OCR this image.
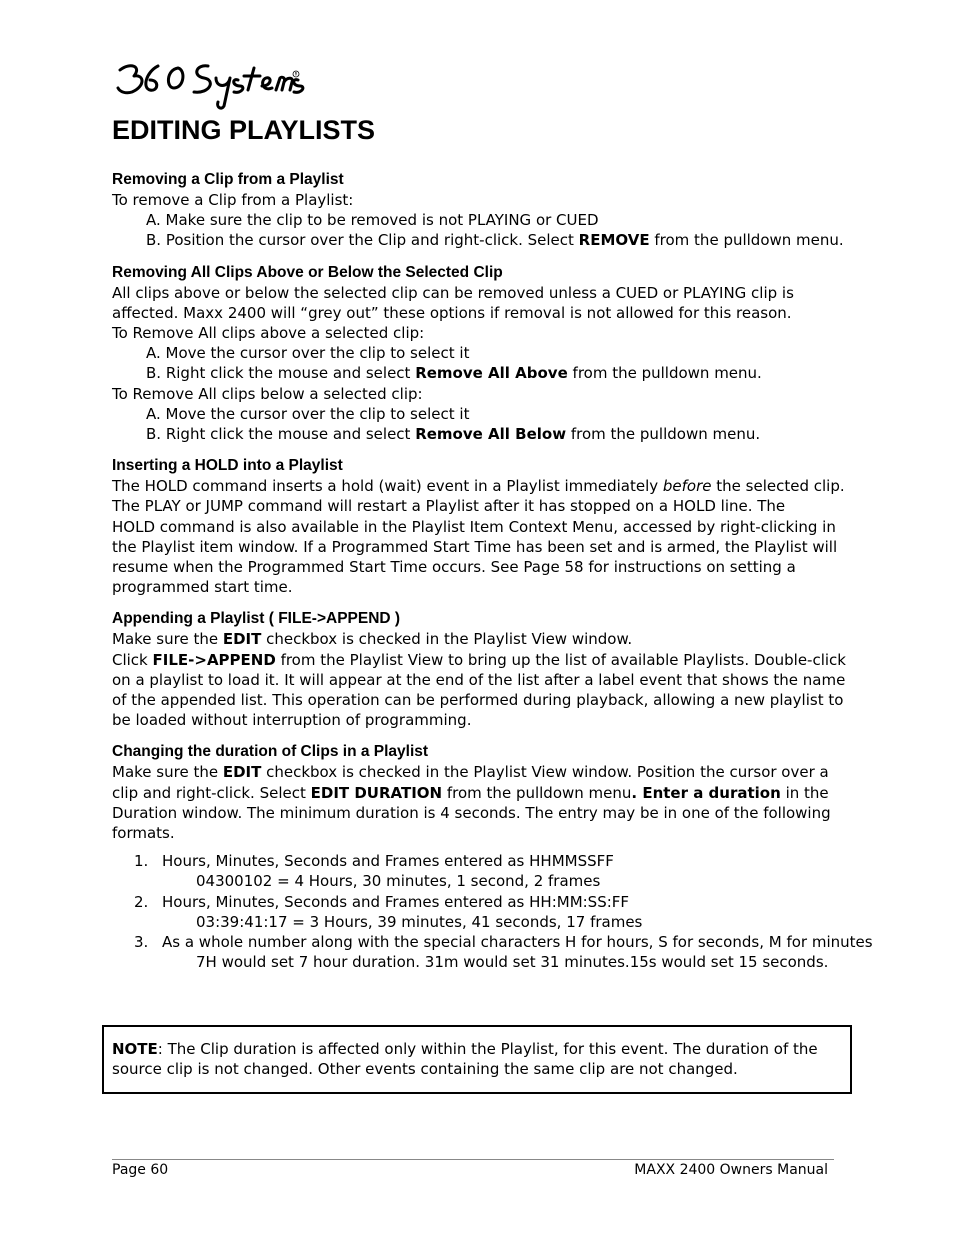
R
EDITING PLAYLISTS

Removing a Clip from a Playlist

To remove a Clip from a Playlist:

A. Make sure the clip to be removed is not PLAYING or CUED

B. Position the cursor over the Clip and right-click. Select REMOVE from the pulldown menu.

Removing All Clips Above or Below the Selected Clip

All clips above or below the selected clip can be removed unless a CUED or PLAYING clip is

affected. Maxx 2400 will “grey out” these options if removal is not allowed for this reason.

To Remove All clips above a selected clip:

A. Move the cursor over the clip to select it

B. Right click the mouse and select Remove All Above from the pulldown menu.

To Remove All clips below a selected clip:

A. Move the cursor over the clip to select it

B. Right click the mouse and select Remove All Below from the pulldown menu.

Inserting a HOLD into a Playlist

The HOLD command inserts a hold (wait) event in a Playlist immediately before the selected clip.

The PLAY or JUMP command will restart a Playlist after it has stopped on a HOLD line. The

HOLD command is also available in the Playlist Item Context Menu, accessed by right-clicking in

the Playlist item window. If a Programmed Start Time has been set and is armed, the Playlist will

resume when the Programmed Start Time occurs. See Page 58 for instructions on setting a

programmed start time.

Appending a Playlist ( FILE->APPEND )

Make sure the EDIT checkbox is checked in the Playlist View window.

Click FILE->APPEND from the Playlist View to bring up the list of available Playlists. Double-click

on a playlist to load it. It will appear at the end of the list after a label event that shows the name

of the appended list. This operation can be performed during playback, allowing a new playlist to

be loaded without interruption of programming.

Changing the duration of Clips in a Playlist

Make sure the EDIT checkbox is checked in the Playlist View window. Position the cursor over a

clip and right-click. Select EDIT DURATION from the pulldown menu. Enter a duration in the

Duration window. The minimum duration is 4 seconds. The entry may be in one of the following

formats.

1. Hours, Minutes, Seconds and Frames entered as HHMMSSFF
04300102 = 4 Hours, 30 minutes, 1 second, 2 frames
2. Hours, Minutes, Seconds and Frames entered as HH:MM:SS:FF
03:39:41:17 = 3 Hours, 39 minutes, 41 seconds, 17 frames
3. As a whole number along with the special characters H for hours, S for seconds, M for minutes
7H would set 7 hour duration. 31m would set 31 minutes.15s would set 15 seconds.

NOTE: The Clip duration is affected only within the Playlist, for this event. The duration of the

source clip is not changed. Other events containing the same clip are not changed.

Page 60	MAXX 2400 Owners Manual
